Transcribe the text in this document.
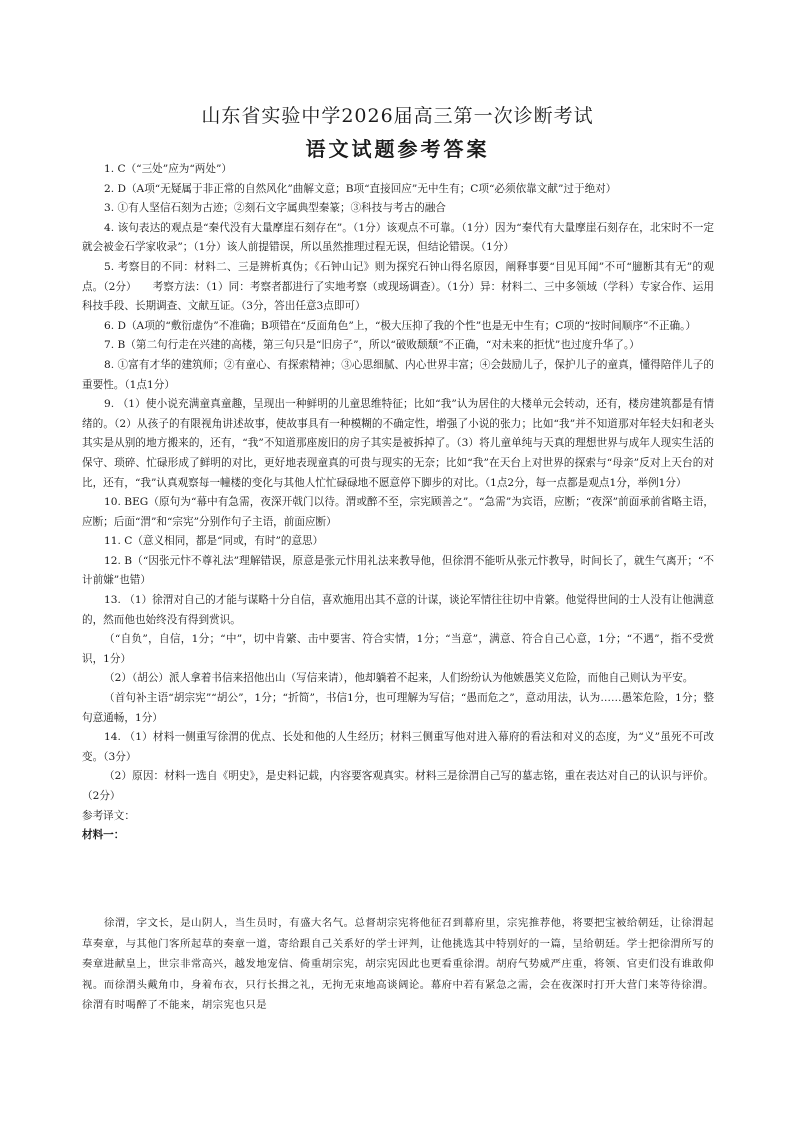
山东省实验中学2026届高三第一次诊断考试
语文试题参考答案

1. C（“三处”应为“两处”）

2. D（A项“无疑属于非正常的自然风化”曲解文意；B项“直接回应”无中生有；C项“必须依靠文献”过于绝对）

3. ①有人坚信石刻为古迹；②刻石文字属典型秦篆；③科技与考古的融合

4. 该句表达的观点是“秦代没有大量摩崖石刻存在”。（1分）该观点不可靠。（1分）因为“秦代有大量摩崖石刻存在，北宋时不一定就会被金石学家收录”；（1分）该人前提错误，所以虽然推理过程无误，但结论错误。（1分）

5. 考察目的不同：材料二、三是辨析真伪；《石钟山记》则为探究石钟山得名原因，阐释事要“目见耳闻”不可“臆断其有无”的观点。（2分）　　考察方法：（1）同：考察者都进行了实地考察（或现场调查）。（1分）异：材料二、三中多领域（学科）专家合作、运用科技手段、长期调查、文献互证。（3分，答出任意3点即可）

6. D（A项的“敷衍虚伪”不准确；B项错在“反面角色”上，“极大压抑了我的个性”也是无中生有；C项的“按时间顺序”不正确。）

7. B（第二句行走在兴建的高楼，第三句只是“旧房子”，所以“破败颓颓”不正确，“对未来的拒忧”也过度升华了。）

8. ①富有才华的建筑师；②有童心、有探索精神；③心思细腻、内心世界丰富；④会鼓励儿子，保护儿子的童真，懂得陪伴儿子的重要性。（1点1分）

9. （1）使小说充满童真童趣，呈现出一种鲜明的儿童思维特征；比如“我”认为居住的大楼单元会转动，还有，楼房建筑都是有情绪的。（2）从孩子的有限视角讲述故事，使故事具有一种模糊的不确定性，增强了小说的张力；比如“我”并不知道那对年轻夫妇和老头其实是从别的地方搬来的，还有，“我”不知道那座废旧的房子其实是被拆掉了。（3）将儿童单纯与天真的理想世界与成年人现实生活的保守、琐碎、忙碌形成了鲜明的对比，更好地表现童真的可贵与现实的无奈；比如“我”在天台上对世界的探索与“母亲”反对上天台的对比，还有，“我”认真观察每一幢楼的变化与其他人忙忙碌碌地不愿意停下脚步的对比。（1点2分，每一点都是观点1分，举例1分）

10. BEG（原句为“幕中有急需，夜深开戟门以待。渭或醉不至，宗宪顾善之”。“急需”为宾语，应断；“夜深”前面承前省略主语，应断；后面“渭”和“宗宪”分别作句子主语，前面应断）

11. C（意义相同，都是“同或，有时”的意思）

12. B（“因张元忭不尊礼法”理解错误，原意是张元忭用礼法来教导他，但徐渭不能听从张元忭教导，时间长了，就生气离开；“不计前嫌”也错）

13. （1）徐渭对自己的才能与谋略十分自信，喜欢施用出其不意的计谋，谈论军情往往切中肯綮。他觉得世间的士人没有让他满意的，然而他也始终没有得到赏识。

（“自负”，自信，1分；“中”，切中肯綮、击中要害、符合实情，1分；“当意”，满意、符合自己心意，1分；“不遇”，指不受赏识，1分）

（2）（胡公）派人拿着书信来招他出山（写信来请），他却躺着不起来，人们纷纷认为他嫉愚笑义危险，而他自己则认为平安。

（首句补主语“胡宗宪”“胡公”，1分；“折简”，书信1分，也可理解为写信；“愚而危之”，意动用法，认为……愚笨危险，1分；整句意通畅，1分）

14. （1）材料一侧重写徐渭的优点、长处和他的人生经历；材料三侧重写他对进入幕府的看法和对义的态度，为“义”虽死不可改变。（3分）

（2）原因：材料一选自《明史》，是史料记载，内容要客观真实。材料三是徐渭自己写的墓志铭，重在表达对自己的认识与评价。（2分）

参考译文：

材料一：

徐渭，字文长，是山阴人，当生员时，有盛大名气。总督胡宗宪将他征召到幕府里，宗宪推荐他，将要把宝被给朝廷，让徐渭起草奏章，与其他门客所起草的奏章一道，寄给跟自己关系好的学士评判，让他挑选其中特别好的一篇，呈给朝廷。学士把徐渭所写的奏章进献皇上，世宗非常高兴，越发地宠信、倚重胡宗宪，胡宗宪因此也更看重徐渭。胡府气势威严庄重，将领、官吏们没有谁敢仰视。而徐渭头戴角巾，身着布衣，只行长揖之礼，无拘无束地高谈阔论。幕府中若有紧急之需，会在夜深时打开大营门来等待徐渭。徐渭有时喝醉了不能来，胡宗宪也只是
